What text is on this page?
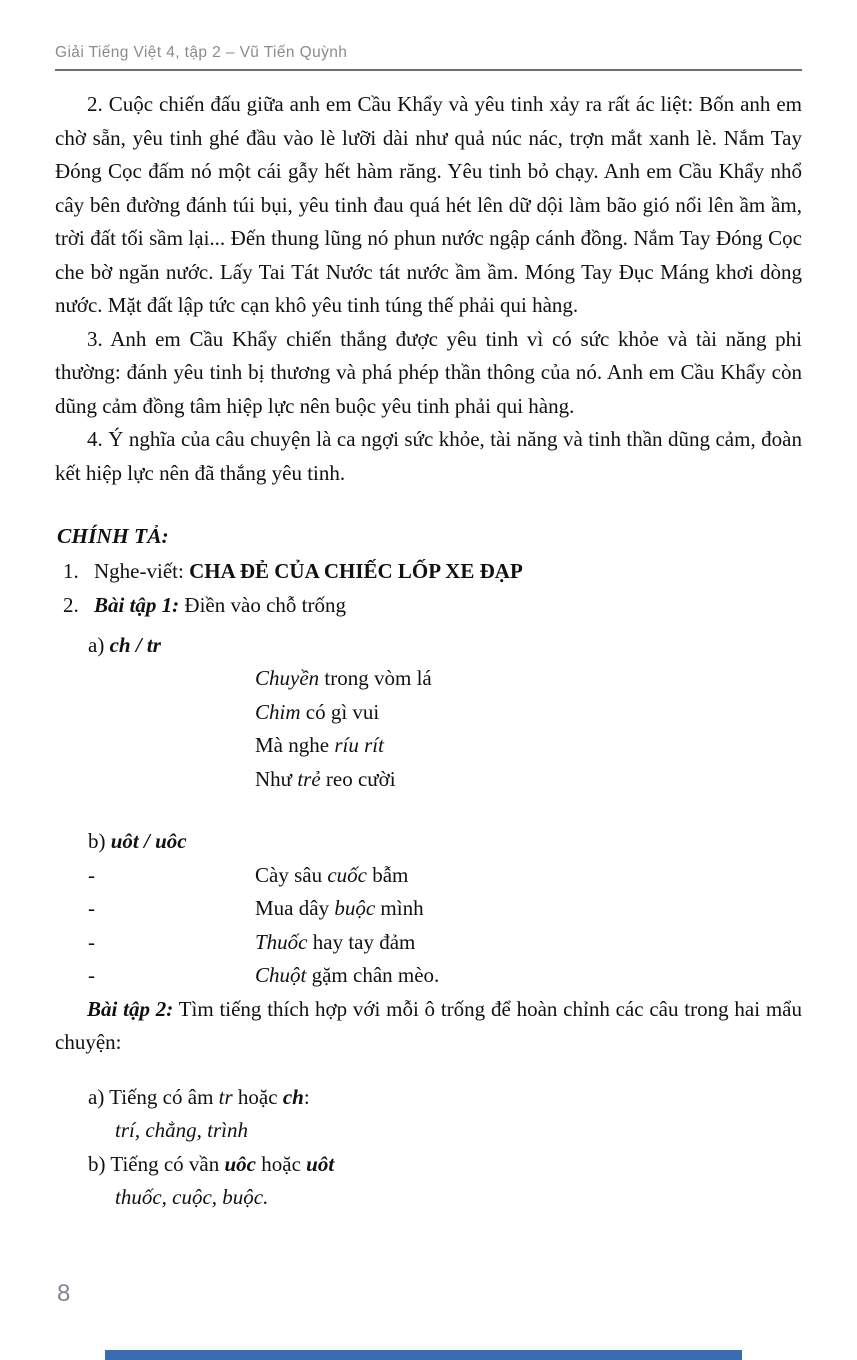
Giải Tiếng Việt 4, tập 2 – Vũ Tiến Quỳnh

2. Cuộc chiến đấu giữa anh em Cầu Khẩy và yêu tinh xảy ra rất ác liệt: Bốn anh em chờ sẵn, yêu tinh ghé đầu vào lè lưỡi dài như quả núc nác, trợn mắt xanh lè. Nắm Tay Đóng Cọc đấm nó một cái gẫy hết hàm răng. Yêu tinh bỏ chạy. Anh em Cầu Khẩy nhổ cây bên đường đánh túi bụi, yêu tinh đau quá hét lên dữ dội làm bão gió nổi lên ầm ầm, trời đất tối sầm lại... Đến thung lũng nó phun nước ngập cánh đồng. Nắm Tay Đóng Cọc che bờ ngăn nước. Lấy Tai Tát Nước tát nước ầm ầm. Móng Tay Đục Máng khơi dòng nước. Mặt đất lập tức cạn khô yêu tinh túng thế phải qui hàng.

3. Anh em Cầu Khẩy chiến thắng được yêu tinh vì có sức khỏe và tài năng phi thường: đánh yêu tinh bị thương và phá phép thần thông của nó. Anh em Cầu Khẩy còn dũng cảm đồng tâm hiệp lực nên buộc yêu tinh phải qui hàng.

4. Ý nghĩa của câu chuyện là ca ngợi sức khỏe, tài năng và tinh thần dũng cảm, đoàn kết hiệp lực nên đã thắng yêu tinh.

CHÍNH TẢ:
1. Nghe-viết: CHA ĐẺ CỦA CHIẾC LỐP XE ĐẠP
2. Bài tập 1: Điền vào chỗ trống
a) ch / tr
Chuyền trong vòm lá
Chim có gì vui
Mà nghe ríu rít
Như trẻ reo cười
b) uôt / uôc
-	Cày sâu cuốc bẫm
-	Mua dây buộc mình
-	Thuốc hay tay đảm
-	Chuột gặm chân mèo.

Bài tập 2: Tìm tiếng thích hợp với mỗi ô trống để hoàn chỉnh các câu trong hai mẩu chuyện:

a) Tiếng có âm tr hoặc ch:
trí, chẳng, trình
b) Tiếng có vần uôc hoặc uôt
thuốc, cuộc, buộc.
8
